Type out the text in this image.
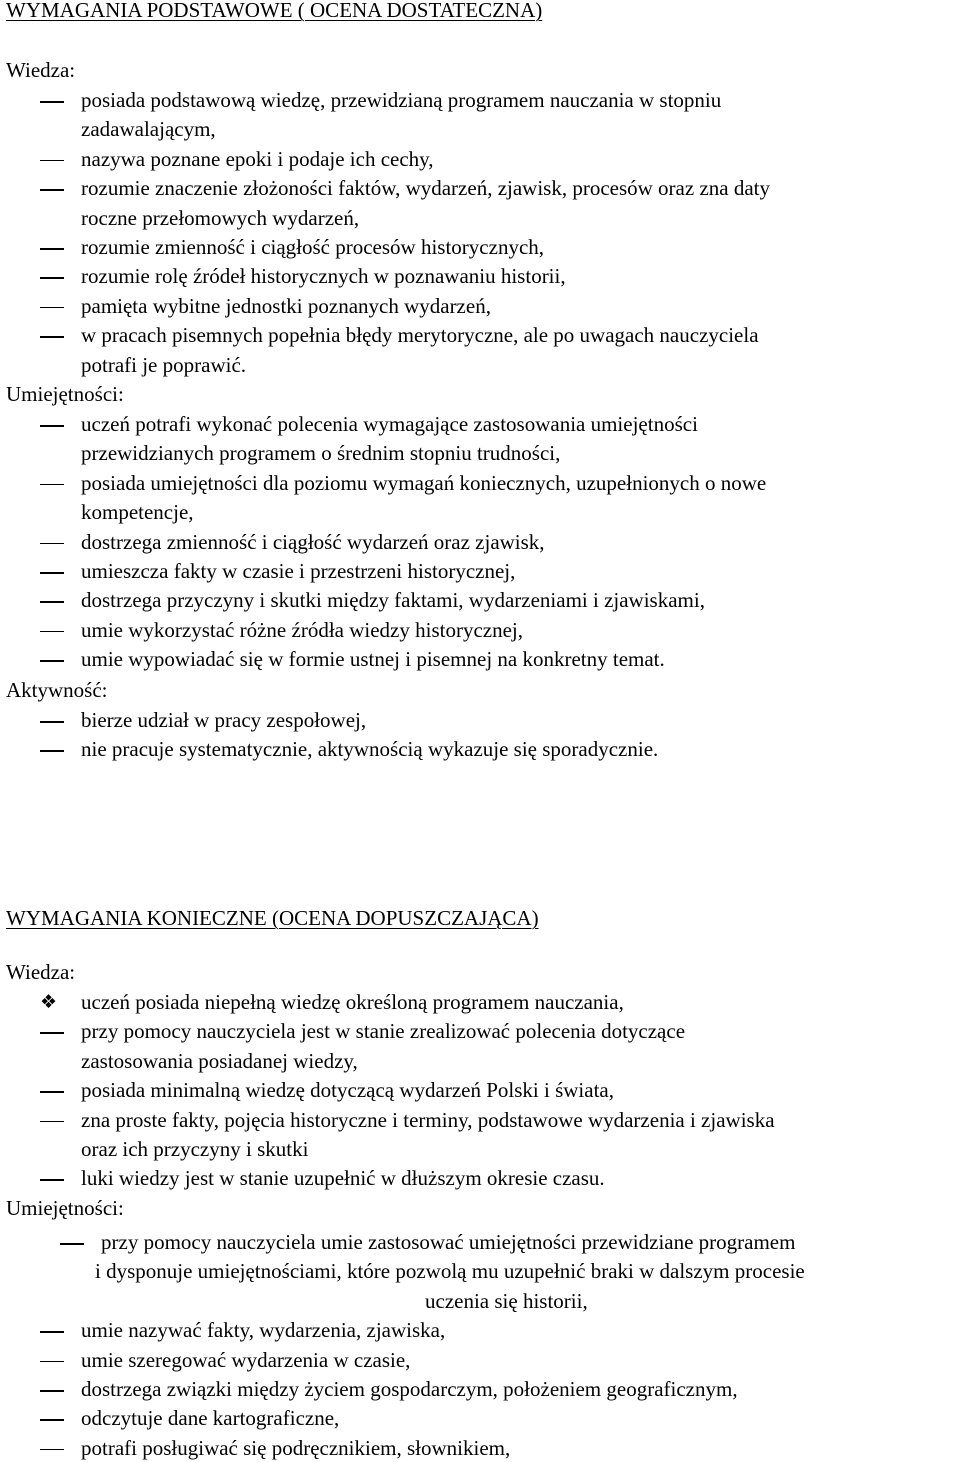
WYMAGANIA PODSTAWOWE ( OCENA DOSTATECZNA)
Wiedza:
posiada podstawową wiedzę, przewidzianą programem nauczania w stopniu
zadawalającym,
nazywa poznane epoki i podaje ich cechy,
rozumie znaczenie złożoności faktów, wydarzeń, zjawisk, procesów oraz zna daty
roczne przełomowych wydarzeń,
rozumie zmienność i ciągłość procesów historycznych,
rozumie rolę źródeł historycznych w poznawaniu historii,
pamięta wybitne jednostki poznanych wydarzeń,
w pracach pisemnych popełnia błędy merytoryczne, ale po uwagach nauczyciela
potrafi je poprawić.
Umiejętności:
uczeń potrafi wykonać polecenia wymagające zastosowania umiejętności
przewidzianych programem o średnim stopniu trudności,
posiada umiejętności dla poziomu wymagań koniecznych, uzupełnionych o nowe
kompetencje,
dostrzega zmienność i ciągłość wydarzeń oraz zjawisk,
umieszcza fakty w czasie i przestrzeni historycznej,
dostrzega przyczyny i skutki między faktami, wydarzeniami i zjawiskami,
umie wykorzystać różne źródła wiedzy historycznej,
umie wypowiadać się w formie ustnej i pisemnej na konkretny temat.
Aktywność:
bierze udział w pracy zespołowej,
nie pracuje systematycznie, aktywnością wykazuje się sporadycznie.
WYMAGANIA KONIECZNE (OCENA DOPUSZCZAJĄCA)
Wiedza:
❖ uczeń posiada niepełną wiedzę określoną programem nauczania,
przy pomocy nauczyciela jest w stanie zrealizować polecenia dotyczące
zastosowania posiadanej wiedzy,
posiada minimalną wiedzę dotyczącą wydarzeń Polski i świata,
zna proste fakty, pojęcia historyczne i terminy, podstawowe wydarzenia i zjawiska
oraz ich przyczyny i skutki
luki wiedzy jest w stanie uzupełnić w dłuższym okresie czasu.
Umiejętności:
przy pomocy nauczyciela umie zastosować umiejętności przewidziane programem
i dysponuje umiejętnościami, które pozwolą mu uzupełnić braki w dalszym procesie
uczenia się historii,
umie nazywać fakty, wydarzenia, zjawiska,
umie szeregować wydarzenia w czasie,
dostrzega związki między życiem gospodarczym, położeniem geograficznym,
odczytuje dane kartograficzne,
potrafi posługiwać się podręcznikiem, słownikiem,
